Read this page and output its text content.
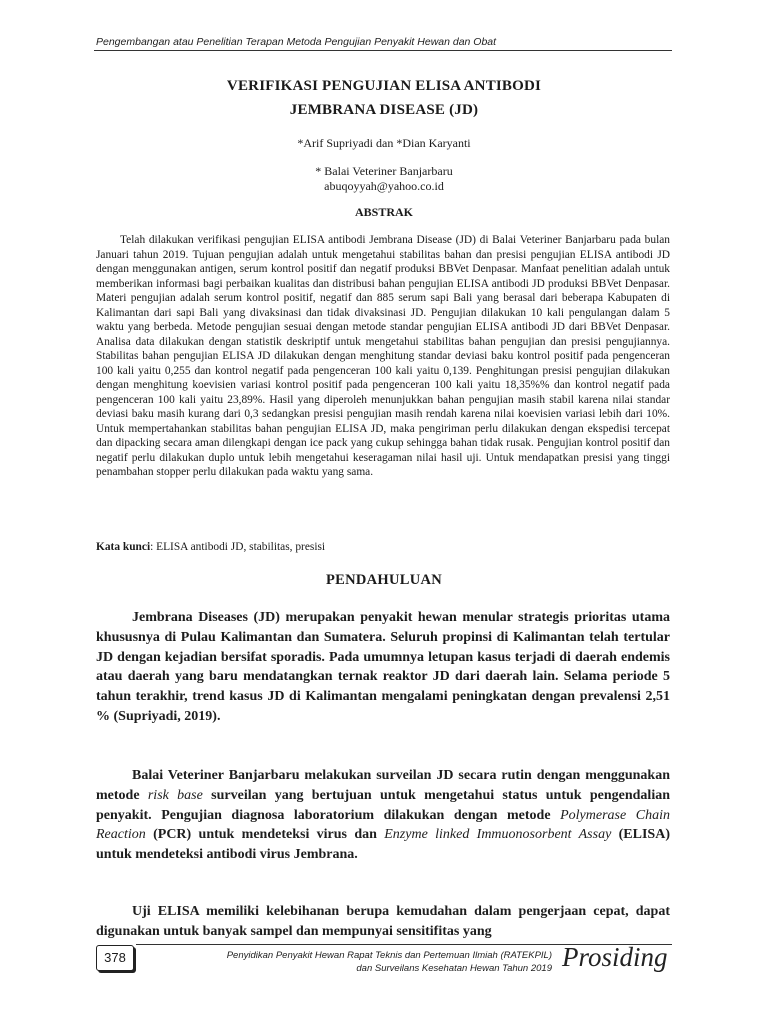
Pengembangan atau Penelitian Terapan Metoda Pengujian Penyakit Hewan dan Obat
VERIFIKASI PENGUJIAN ELISA ANTIBODI
JEMBRANA DISEASE (JD)
*Arif Supriyadi dan *Dian Karyanti
* Balai Veteriner Banjarbaru
abuqoyyah@yahoo.co.id
ABSTRAK

Telah dilakukan verifikasi pengujian ELISA antibodi Jembrana Disease (JD) di Balai Veteriner Banjarbaru pada bulan Januari tahun 2019. Tujuan pengujian adalah untuk mengetahui stabilitas bahan dan presisi pengujian ELISA antibodi JD dengan menggunakan antigen, serum kontrol positif dan negatif produksi BBVet Denpasar. Manfaat penelitian adalah untuk memberikan informasi bagi perbaikan kualitas dan distribusi bahan pengujian ELISA antibodi JD produksi BBVet Denpasar. Materi pengujian adalah serum kontrol positif, negatif dan 885 serum sapi Bali yang berasal dari beberapa Kabupaten di Kalimantan dari sapi Bali yang divaksinasi dan tidak divaksinasi JD. Pengujian dilakukan 10 kali pengulangan dalam 5 waktu yang berbeda. Metode pengujian sesuai dengan metode standar pengujian ELISA antibodi JD dari BBVet Denpasar. Analisa data dilakukan dengan statistik deskriptif untuk mengetahui stabilitas bahan pengujian dan presisi pengujiannya. Stabilitas bahan pengujian ELISA JD dilakukan dengan menghitung standar deviasi baku kontrol positif pada pengenceran 100 kali yaitu 0,255 dan kontrol negatif pada pengenceran 100 kali yaitu 0,139. Penghitungan presisi pengujian dilakukan dengan menghitung koevisien variasi kontrol positif pada pengenceran 100 kali yaitu 18,35%% dan kontrol negatif pada pengenceran 100 kali yaitu 23,89%. Hasil yang diperoleh menunjukkan bahan pengujian masih stabil karena nilai standar deviasi baku masih kurang dari 0,3 sedangkan presisi pengujian masih rendah karena nilai koevisien variasi lebih dari 10%. Untuk mempertahankan stabilitas bahan pengujian ELISA JD, maka pengiriman perlu dilakukan dengan ekspedisi tercepat dan dipacking secara aman dilengkapi dengan ice pack yang cukup sehingga bahan tidak rusak. Pengujian kontrol positif dan negatif perlu dilakukan duplo untuk lebih mengetahui keseragaman nilai hasil uji. Untuk mendapatkan presisi yang tinggi penambahan stopper perlu dilakukan pada waktu yang sama.

Kata kunci: ELISA antibodi JD, stabilitas, presisi
PENDAHULUAN

Jembrana Diseases (JD) merupakan penyakit hewan menular strategis prioritas utama khususnya di Pulau Kalimantan dan Sumatera. Seluruh propinsi di Kalimantan telah tertular JD dengan kejadian bersifat sporadis. Pada umumnya letupan kasus terjadi di daerah endemis atau daerah yang baru mendatangkan ternak reaktor JD dari daerah lain. Selama periode 5 tahun terakhir, trend kasus JD di Kalimantan mengalami peningkatan dengan prevalensi 2,51 % (Supriyadi, 2019).

Balai Veteriner Banjarbaru melakukan surveilan JD secara rutin dengan menggunakan metode risk base surveilan yang bertujuan untuk mengetahui status untuk pengendalian penyakit. Pengujian diagnosa laboratorium dilakukan dengan metode Polymerase Chain Reaction (PCR) untuk mendeteksi virus dan Enzyme linked Immuonosorbent Assay (ELISA) untuk mendeteksi antibodi virus Jembrana.

Uji ELISA memiliki kelebihanan berupa kemudahan dalam pengerjaan cepat, dapat digunakan untuk banyak sampel dan mempunyai sensitifitas yang

378	Penyidikan Penyakit Hewan Rapat Teknis dan Pertemuan Ilmiah (RATEKPIL)
dan Surveilans Kesehatan Hewan Tahun 2019 Prosiding
